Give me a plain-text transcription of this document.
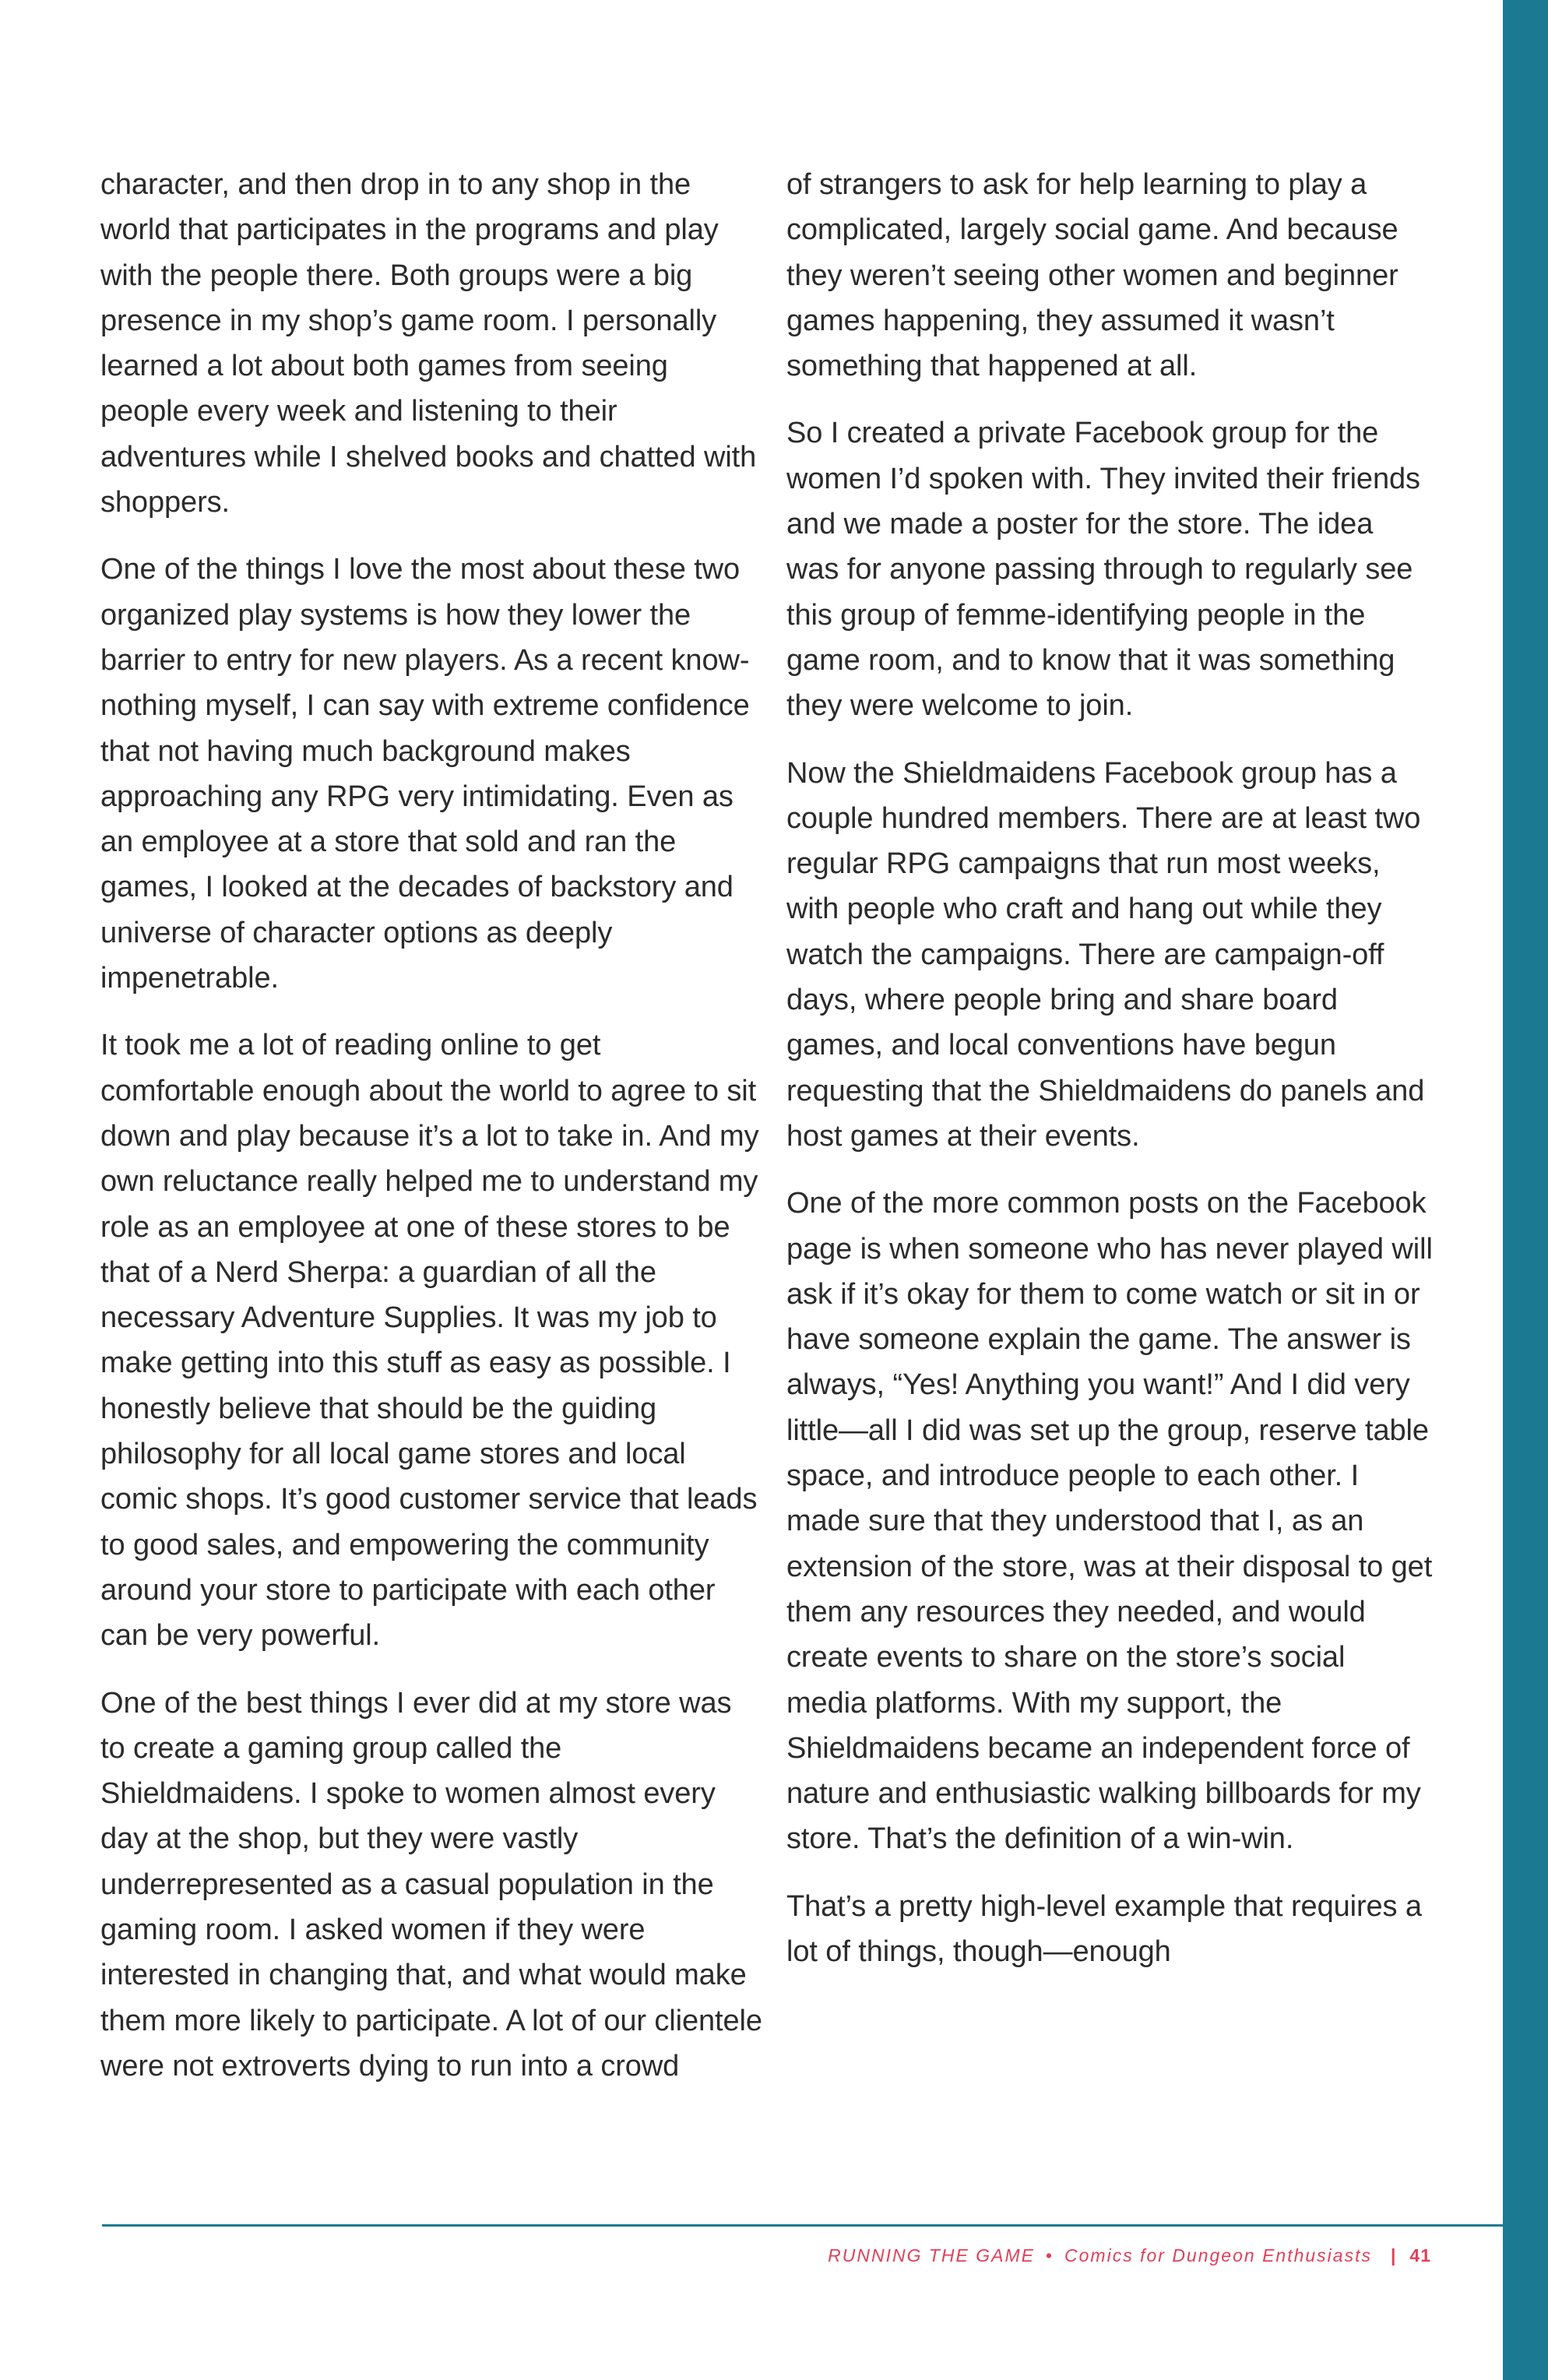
character, and then drop in to any shop in the world that participates in the programs and play with the people there. Both groups were a big presence in my shop’s game room. I personally learned a lot about both games from seeing people every week and listening to their adventures while I shelved books and chatted with shoppers.

One of the things I love the most about these two organized play systems is how they lower the barrier to entry for new players. As a recent know-nothing myself, I can say with extreme confidence that not having much background makes approaching any RPG very intimidating. Even as an employee at a store that sold and ran the games, I looked at the decades of backstory and universe of character options as deeply impenetrable.

It took me a lot of reading online to get comfortable enough about the world to agree to sit down and play because it’s a lot to take in. And my own reluctance really helped me to understand my role as an employee at one of these stores to be that of a Nerd Sherpa: a guardian of all the necessary Adventure Supplies. It was my job to make getting into this stuff as easy as possible. I honestly believe that should be the guiding philosophy for all local game stores and local comic shops. It’s good customer service that leads to good sales, and empowering the community around your store to participate with each other can be very powerful.

One of the best things I ever did at my store was to create a gaming group called the Shieldmaidens. I spoke to women almost every day at the shop, but they were vastly underrepresented as a casual population in the gaming room. I asked women if they were interested in changing that, and what would make them more likely to participate. A lot of our clientele were not extroverts dying to run into a crowd

of strangers to ask for help learning to play a complicated, largely social game. And because they weren’t seeing other women and beginner games happening, they assumed it wasn’t something that happened at all.

So I created a private Facebook group for the women I’d spoken with. They invited their friends and we made a poster for the store. The idea was for anyone passing through to regularly see this group of femme-identifying people in the game room, and to know that it was something they were welcome to join.

Now the Shieldmaidens Facebook group has a couple hundred members. There are at least two regular RPG campaigns that run most weeks, with people who craft and hang out while they watch the campaigns. There are campaign-off days, where people bring and share board games, and local conventions have begun requesting that the Shieldmaidens do panels and host games at their events.

One of the more common posts on the Facebook page is when someone who has never played will ask if it’s okay for them to come watch or sit in or have someone explain the game. The answer is always, “Yes! Anything you want!” And I did very little—all I did was set up the group, reserve table space, and introduce people to each other. I made sure that they understood that I, as an extension of the store, was at their disposal to get them any resources they needed, and would create events to share on the store’s social media platforms. With my support, the Shieldmaidens became an independent force of nature and enthusiastic walking billboards for my store. That’s the definition of a win-win.

That’s a pretty high-level example that requires a lot of things, though—enough

RUNNING THE GAME • Comics for Dungeon Enthusiasts | 41
